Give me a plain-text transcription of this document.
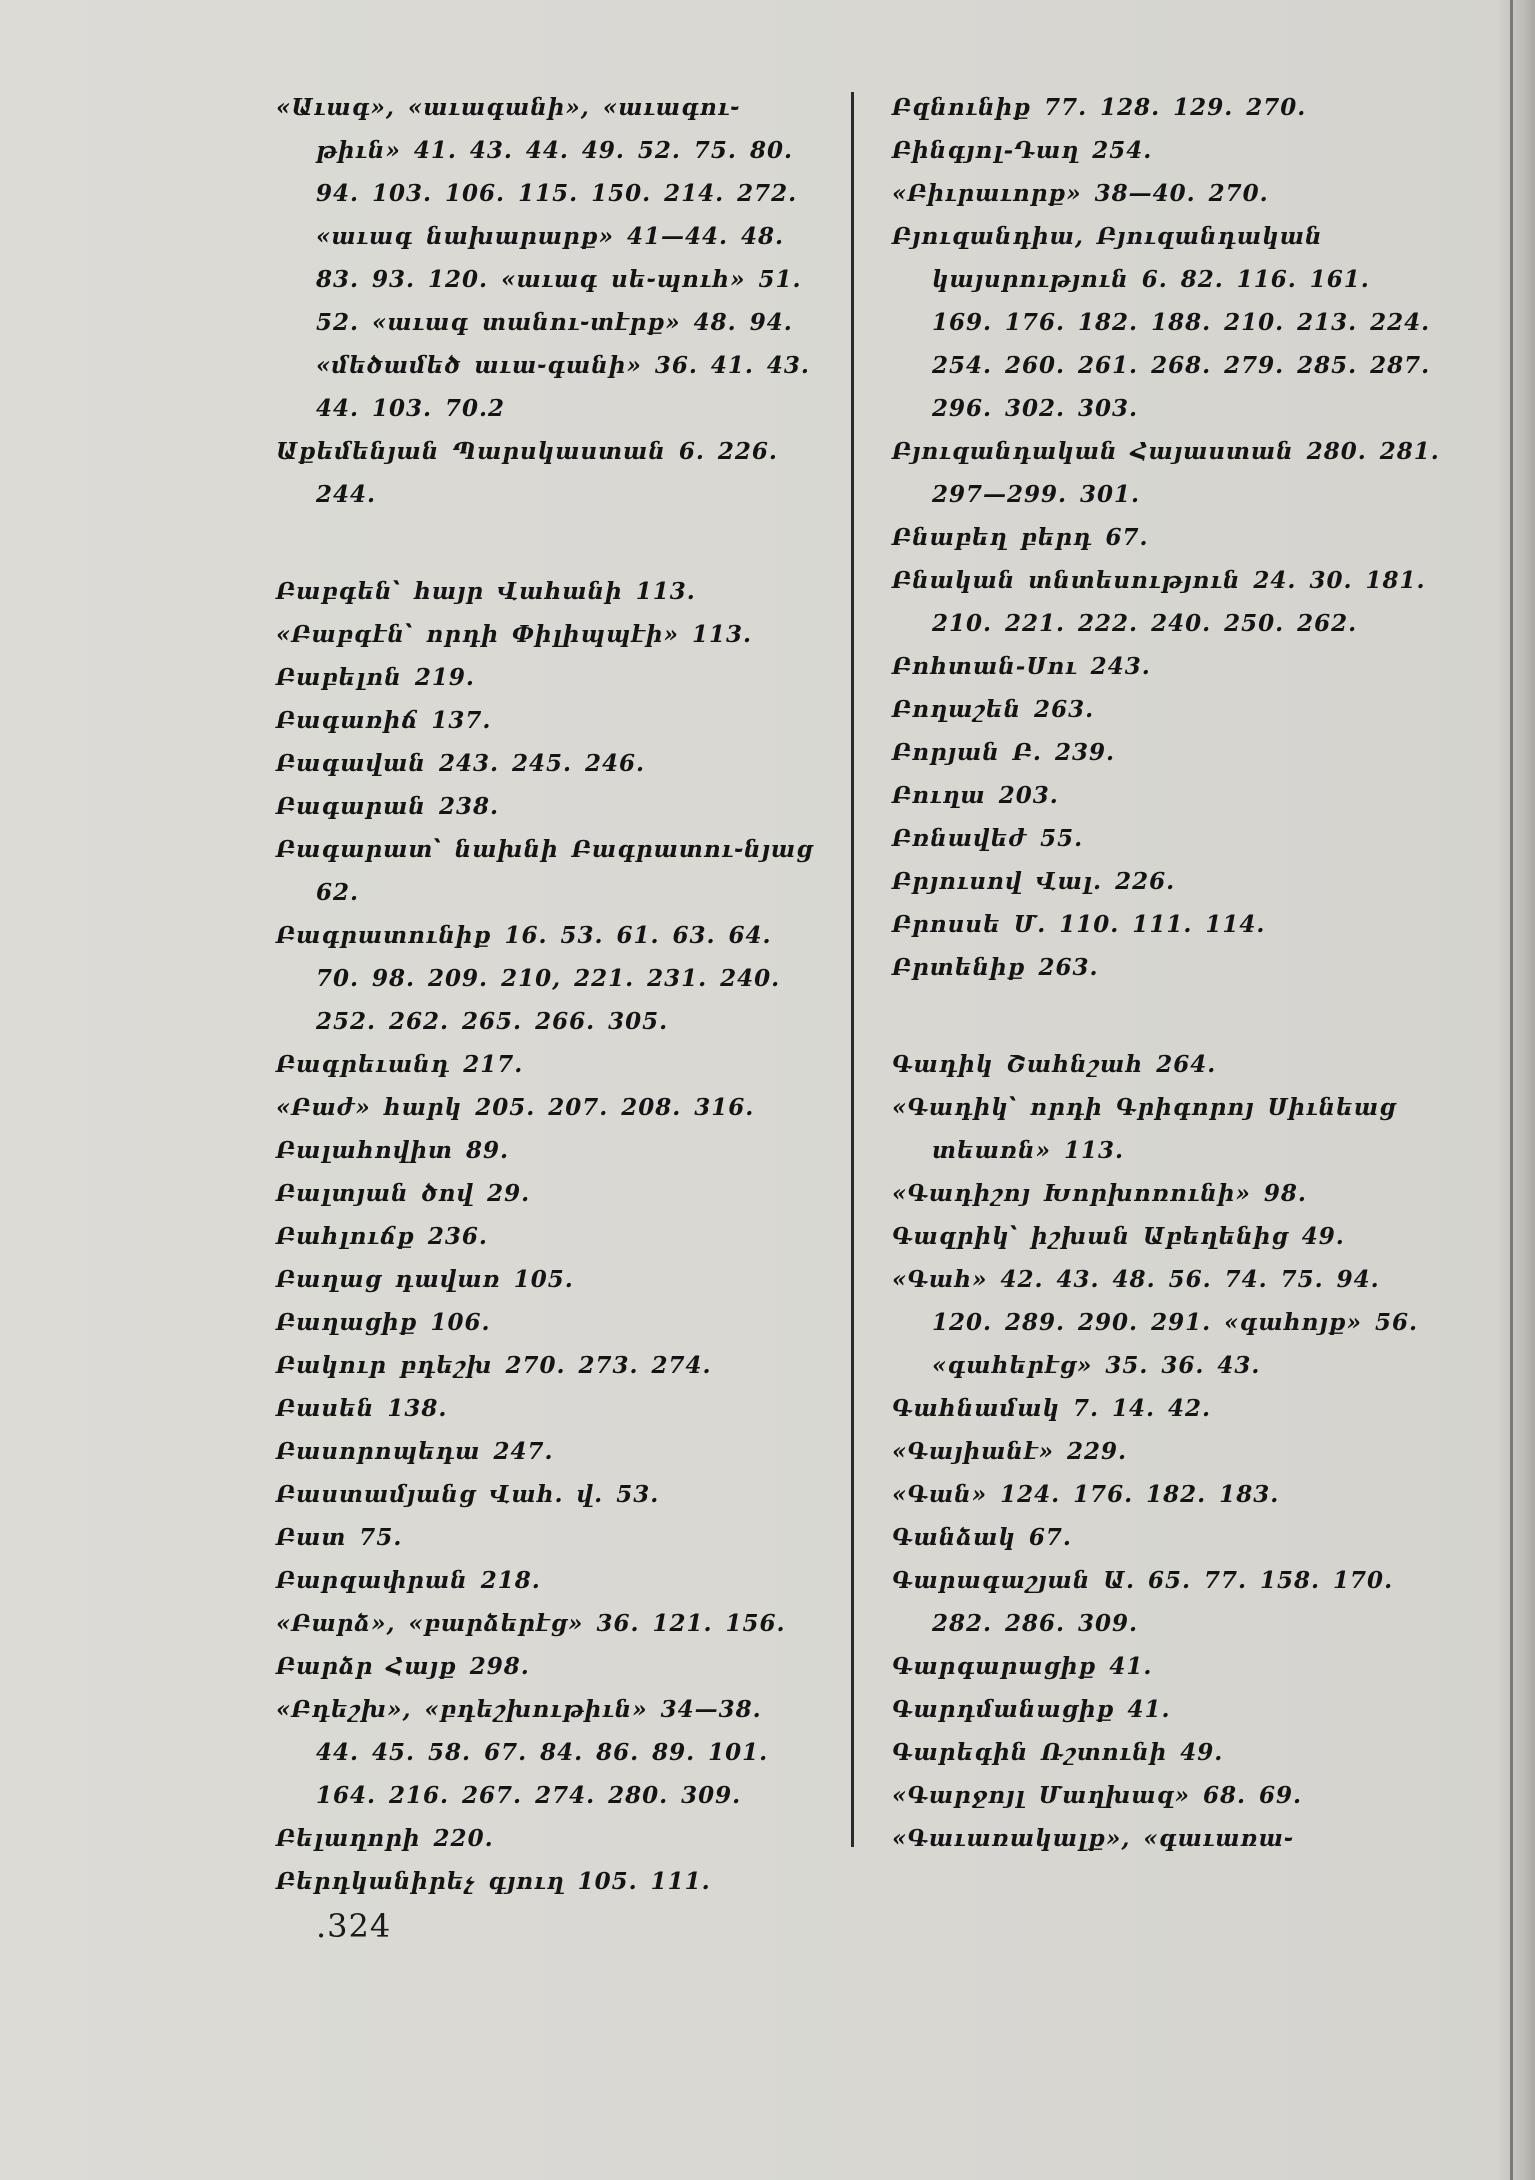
«Աւագ», «աւագանի», «աւագու֊թիւն» 41. 43. 44. 49. 52. 75. 80. 94. 103. 106. 115. 150. 214. 272. «աւագ նախարարք» 41—44. 48. 83. 93. 120. «աւագ սե֊պուհ» 51. 52. «աւագ տանու֊տէրք» 48. 94. «մեծամեծ աւա֊գանի» 36. 41. 43. 44. 103. 70.2
Աքեմենյան Պարսկաստան 6. 226. 244.
Բաբգեն՝ հայր Վահանի 113.
«Բաբգէն՝ որդի Փիլիպպէի» 113.
Բաբելոն 219.
Բագառիճ 137.
Բագավան 243. 245. 246.
Բագարան 238.
Բագարատ՝ նախնի Բագրատու֊նյաց 62.
Բագրատունիք 16. 53. 61. 63. 64. 70. 98. 209. 210, 221. 231. 240. 252. 262. 265. 266. 305.
Բագրեւանդ 217.
«Բաժ» հարկ 205. 207. 208. 316.
Բալահովիտ 89.
Բալտյան ծով 29.
Բահլուճք 236.
Բաղաց դավառ 105.
Բաղացիք 106.
Բակուր բդեշխ 270. 273. 274.
Բասեն 138.
Բասորոպեդա 247.
Բաստամյանց Վահ. վ. 53.
Բատ 75.
Բարզափրան 218.
«Բարձ», «բարձերէց» 36. 121. 156.
Բարձր Հայք 298.
«Բդեշխ», «բդեշխութիւն» 34—38. 44. 45. 58. 67. 84. 86. 89. 101. 164. 216. 267. 274. 280. 309.
Բելաղորի 220.
Բերդկանիրեչ գյուղ 105. 111.
Բզնունիք 77. 128. 129. 270.
Բինգյոլ-Դաղ 254.
«Բիւրաւորք» 38—40. 270.
Բյուզանդիա, Բյուզանդական կայսրություն 6. 82. 116. 161. 169. 176. 182. 188. 210. 213. 224. 254. 260. 261. 268. 279. 285. 287. 296. 302. 303.
Բյուզանդական Հայաստան 280. 281. 297—299. 301.
Բնաբեղ բերդ 67.
Բնական տնտեսություն 24. 30. 181. 210. 221. 222. 240. 250. 262.
Բոհտան-Սու 243.
Բողաշեն 263.
Բորյան Բ. 239.
Բուղա 203.
Բռնավեժ 55.
Բրյուսով Վալ. 226.
Բրոսսե Մ. 110. 111. 114.
Բրտենիք 263.
Գադիկ Շահնշահ 264.
«Գադիկ՝ որդի Գրիգորոյ Սիւնեաց տեառն» 113.
«Գադիշոյ Խորխոռունի» 98.
Գազրիկ՝ իշխան Աբեղենից 49.
«Գահ» 42. 43. 48. 56. 74. 75. 94. 120. 289. 290. 291. «գահոյք» 56. «գահերէց» 35. 36. 43.
Գահնամակ 7. 14. 42.
«Գայիանէ» 229.
«Գան» 124. 176. 182. 183.
Գանձակ 67.
Գարագաշյան Ա. 65. 77. 158. 170. 282. 286. 309.
Գարգարացիք 41.
Գարդմանացիք 41.
Գարեգին Ռշտունի 49.
«Գարջոյլ Մաղխազ» 68. 69.
«Գաւառակալք», «գաւառա֊
.324
